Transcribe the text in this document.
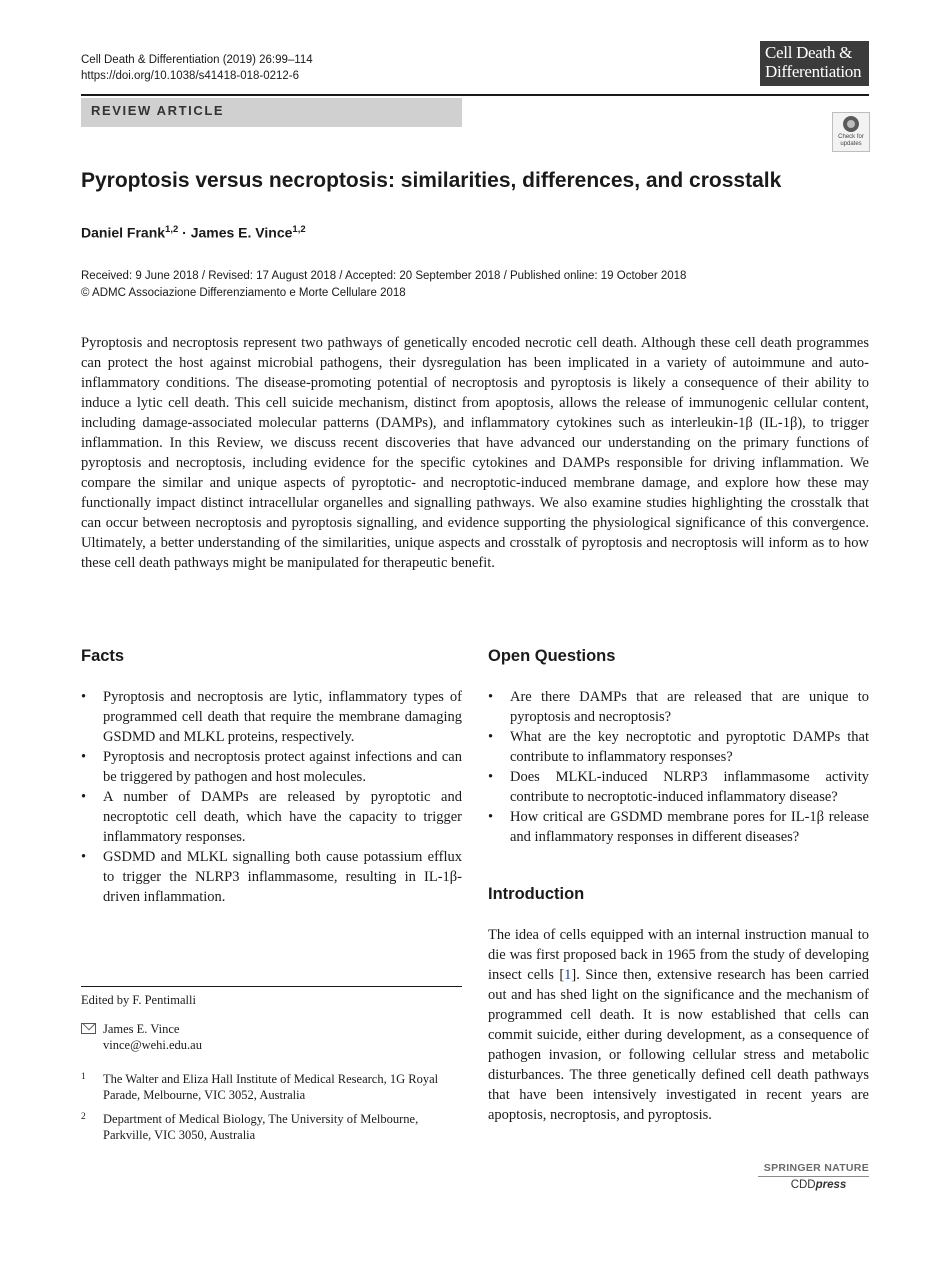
Cell Death & Differentiation (2019) 26:99–114
https://doi.org/10.1038/s41418-018-0212-6
Cell Death &
Differentiation
REVIEW ARTICLE
Check for updates
Pyroptosis versus necroptosis: similarities, differences, and crosstalk
Daniel Frank$^{1,2}$ · James E. Vince$^{1,2}$
Received: 9 June 2018 / Revised: 17 August 2018 / Accepted: 20 September 2018 / Published online: 19 October 2018
© ADMC Associazione Differenziamento e Morte Cellulare 2018
Pyroptosis and necroptosis represent two pathways of genetically encoded necrotic cell death. Although these cell death programmes can protect the host against microbial pathogens, their dysregulation has been implicated in a variety of autoimmune and auto-inflammatory conditions. The disease-promoting potential of necroptosis and pyroptosis is likely a consequence of their ability to induce a lytic cell death. This cell suicide mechanism, distinct from apoptosis, allows the release of immunogenic cellular content, including damage-associated molecular patterns (DAMPs), and inflammatory cytokines such as interleukin-1β (IL-1β), to trigger inflammation. In this Review, we discuss recent discoveries that have advanced our understanding on the primary functions of pyroptosis and necroptosis, including evidence for the specific cytokines and DAMPs responsible for driving inflammation. We compare the similar and unique aspects of pyroptotic- and necroptotic-induced membrane damage, and explore how these may functionally impact distinct intracellular organelles and signalling pathways. We also examine studies highlighting the crosstalk that can occur between necroptosis and pyroptosis signalling, and evidence supporting the physiological significance of this convergence. Ultimately, a better understanding of the similarities, unique aspects and crosstalk of pyroptosis and necroptosis will inform as to how these cell death pathways might be manipulated for therapeutic benefit.
Facts
• Pyroptosis and necroptosis are lytic, inflammatory types of programmed cell death that require the membrane damaging GSDMD and MLKL proteins, respectively.
• Pyroptosis and necroptosis protect against infections and can be triggered by pathogen and host molecules.
• A number of DAMPs are released by pyroptotic and necroptotic cell death, which have the capacity to trigger inflammatory responses.
• GSDMD and MLKL signalling both cause potassium efflux to trigger the NLRP3 inflammasome, resulting in IL-1β-driven inflammation.
Open Questions
• Are there DAMPs that are released that are unique to pyroptosis and necroptosis?
• What are the key necroptotic and pyroptotic DAMPs that contribute to inflammatory responses?
• Does MLKL-induced NLRP3 inflammasome activity contribute to necroptotic-induced inflammatory disease?
• How critical are GSDMD membrane pores for IL-1β release and inflammatory responses in different diseases?
Introduction
The idea of cells equipped with an internal instruction manual to die was first proposed back in 1965 from the study of developing insect cells [1]. Since then, extensive research has been carried out and has shed light on the significance and the mechanism of programmed cell death. It is now established that cells can commit suicide, either during development, as a consequence of pathogen invasion, or following cellular stress and metabolic disturbances. The three genetically defined cell death pathways that have been intensively investigated in recent years are apoptosis, necroptosis, and pyroptosis.
Edited by F. Pentimalli
James E. Vince
vince@wehi.edu.au
1 The Walter and Eliza Hall Institute of Medical Research, 1G Royal Parade, Melbourne, VIC 3052, Australia
2 Department of Medical Biology, The University of Melbourne, Parkville, VIC 3050, Australia
SPRINGER NATURE
CDDpress
